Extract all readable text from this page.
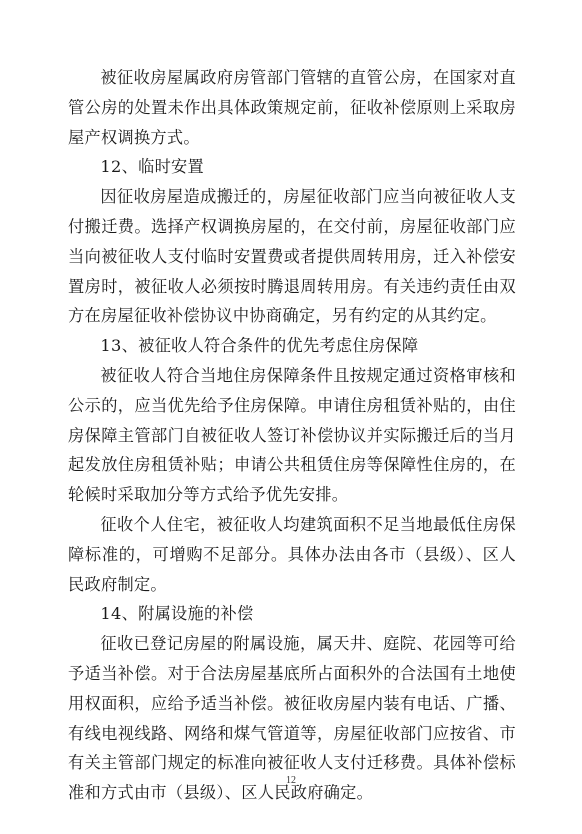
被征收房屋属政府房管部门管辖的直管公房，在国家对直管公房的处置未作出具体政策规定前，征收补偿原则上采取房屋产权调换方式。

12、临时安置

因征收房屋造成搬迁的，房屋征收部门应当向被征收人支付搬迁费。选择产权调换房屋的，在交付前，房屋征收部门应当向被征收人支付临时安置费或者提供周转用房，迁入补偿安置房时，被征收人必须按时腾退周转用房。有关违约责任由双方在房屋征收补偿协议中协商确定，另有约定的从其约定。

13、被征收人符合条件的优先考虑住房保障

被征收人符合当地住房保障条件且按规定通过资格审核和公示的，应当优先给予住房保障。申请住房租赁补贴的，由住房保障主管部门自被征收人签订补偿协议并实际搬迁后的当月起发放住房租赁补贴；申请公共租赁住房等保障性住房的，在轮候时采取加分等方式给予优先安排。

征收个人住宅，被征收人均建筑面积不足当地最低住房保障标准的，可增购不足部分。具体办法由各市（县级）、区人民政府制定。

14、附属设施的补偿

征收已登记房屋的附属设施，属天井、庭院、花园等可给予适当补偿。对于合法房屋基底所占面积外的合法国有土地使用权面积，应给予适当补偿。被征收房屋内装有电话、广播、有线电视线路、网络和煤气管道等，房屋征收部门应按省、市有关主管部门规定的标准向被征收人支付迁移费。具体补偿标准和方式由市（县级）、区人民政府确定。

12
